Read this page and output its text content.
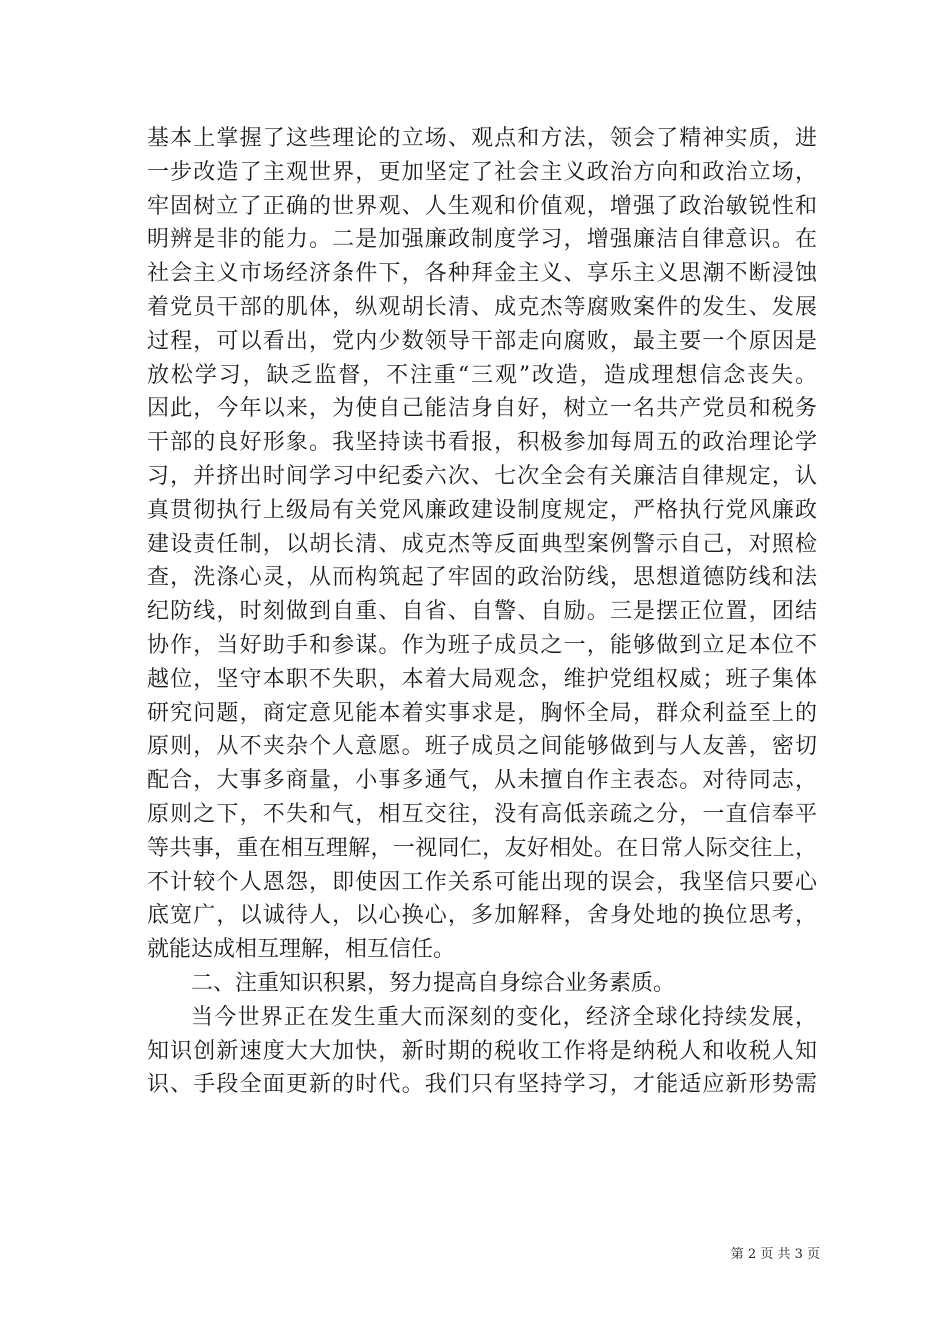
基本上掌握了这些理论的立场、观点和方法，领会了精神实质，进
一步改造了主观世界，更加坚定了社会主义政治方向和政治立场，
牢固树立了正确的世界观、人生观和价值观，增强了政治敏锐性和
明辨是非的能力。二是加强廉政制度学习，增强廉洁自律意识。在
社会主义市场经济条件下，各种拜金主义、享乐主义思潮不断浸蚀
着党员干部的肌体，纵观胡长清、成克杰等腐败案件的发生、发展
过程，可以看出，党内少数领导干部走向腐败，最主要一个原因是
放松学习，缺乏监督，不注重“三观”改造，造成理想信念丧失。
因此，今年以来，为使自己能洁身自好，树立一名共产党员和税务
干部的良好形象。我坚持读书看报，积极参加每周五的政治理论学
习，并挤出时间学习中纪委六次、七次全会有关廉洁自律规定，认
真贯彻执行上级局有关党风廉政建设制度规定，严格执行党风廉政
建设责任制，以胡长清、成克杰等反面典型案例警示自己，对照检
查，洗涤心灵，从而构筑起了牢固的政治防线，思想道德防线和法
纪防线，时刻做到自重、自省、自警、自励。三是摆正位置，团结
协作，当好助手和参谋。作为班子成员之一，能够做到立足本位不
越位，坚守本职不失职，本着大局观念，维护党组权威；班子集体
研究问题，商定意见能本着实事求是，胸怀全局，群众利益至上的
原则，从不夹杂个人意愿。班子成员之间能够做到与人友善，密切
配合，大事多商量，小事多通气，从未擅自作主表态。对待同志，
原则之下，不失和气，相互交往，没有高低亲疏之分，一直信奉平
等共事，重在相互理解，一视同仁，友好相处。在日常人际交往上，
不计较个人恩怨，即使因工作关系可能出现的误会，我坚信只要心
底宽广，以诚待人，以心换心，多加解释，舍身处地的换位思考，
就能达成相互理解，相互信任。
二、注重知识积累，努力提高自身综合业务素质。
当今世界正在发生重大而深刻的变化，经济全球化持续发展，
知识创新速度大大加快，新时期的税收工作将是纳税人和收税人知
识、手段全面更新的时代。我们只有坚持学习，才能适应新形势需
第 2 页 共 3 页
